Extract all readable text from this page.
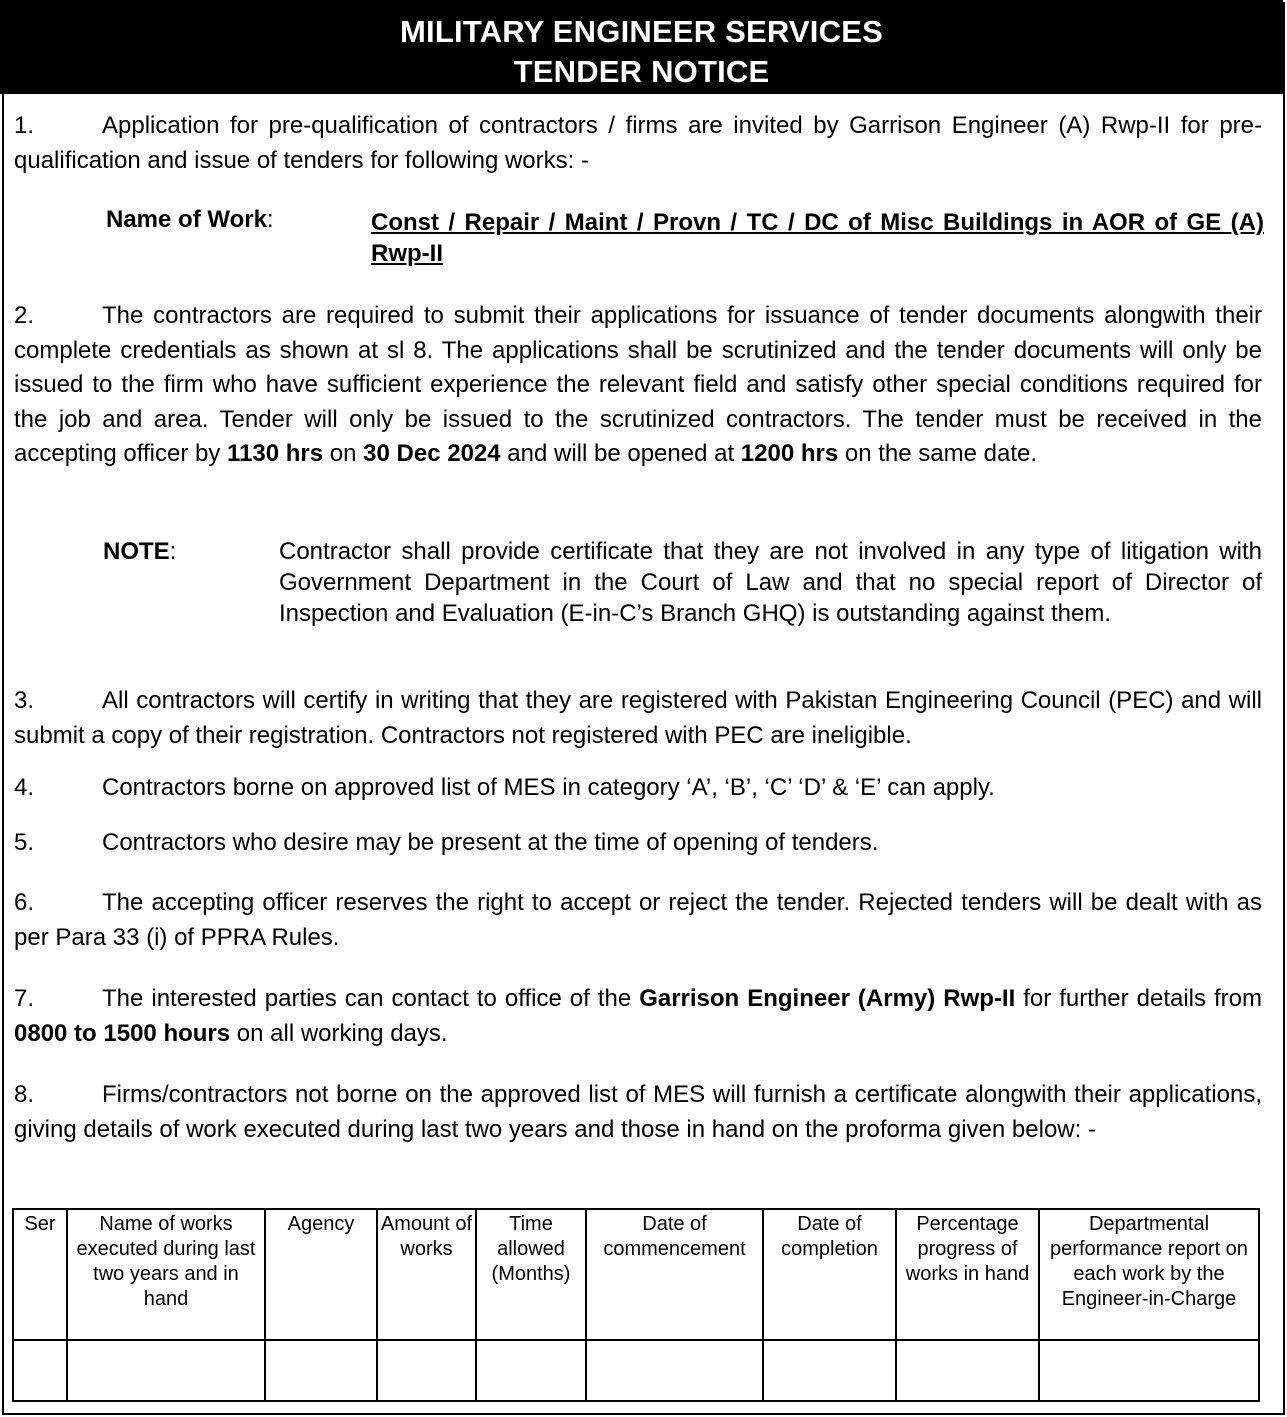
MILITARY ENGINEER SERVICES
TENDER NOTICE
1.	Application for pre-qualification of contractors / firms are invited by Garrison Engineer (A) Rwp-II for pre-qualification and issue of tenders for following works: -
Name of Work:	Const / Repair / Maint / Provn / TC / DC of Misc Buildings in AOR of GE (A) Rwp-II
2.	The contractors are required to submit their applications for issuance of tender documents alongwith their complete credentials as shown at sl 8. The applications shall be scrutinized and the tender documents will only be issued to the firm who have sufficient experience the relevant field and satisfy other special conditions required for the job and area. Tender will only be issued to the scrutinized contractors. The tender must be received in the accepting officer by 1130 hrs on 30 Dec 2024 and will be opened at 1200 hrs on the same date.
NOTE:	Contractor shall provide certificate that they are not involved in any type of litigation with Government Department in the Court of Law and that no special report of Director of Inspection and Evaluation (E-in-C’s Branch GHQ) is outstanding against them.
3.	All contractors will certify in writing that they are registered with Pakistan Engineering Council (PEC) and will submit a copy of their registration. Contractors not registered with PEC are ineligible.
4.	Contractors borne on approved list of MES in category ‘A’, ‘B’, ‘C’ ‘D’ & ‘E’ can apply.
5.	Contractors who desire may be present at the time of opening of tenders.
6.	The accepting officer reserves the right to accept or reject the tender. Rejected tenders will be dealt with as per Para 33 (i) of PPRA Rules.
7.	The interested parties can contact to office of the Garrison Engineer (Army) Rwp-II for further details from 0800 to 1500 hours on all working days.
8.	Firms/contractors not borne on the approved list of MES will furnish a certificate alongwith their applications, giving details of work executed during last two years and those in hand on the proforma given below: -
Ser	Name of works executed during last two years and in hand	Agency	Amount of works	Time allowed (Months)	Date of commencement	Date of completion	Percentage progress of works in hand	Departmental performance report on each work by the Engineer-in-Charge
